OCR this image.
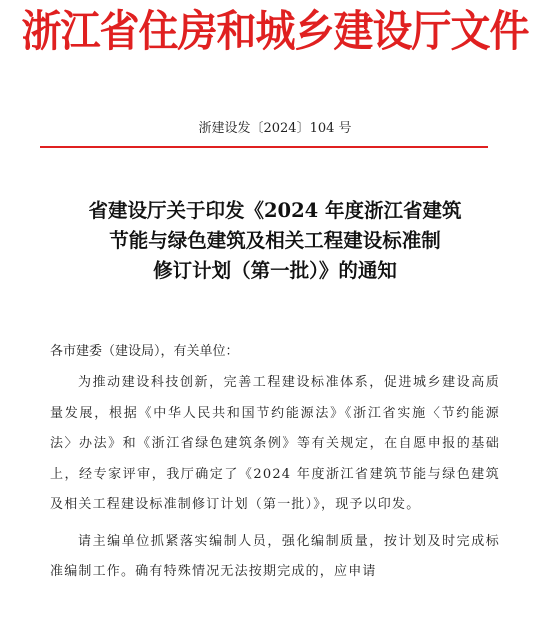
浙江省住房和城乡建设厅文件
浙建设发〔2024〕104 号
省建设厅关于印发《2024 年度浙江省建筑
节能与绿色建筑及相关工程建设标准制
修订计划（第一批）》的通知
各市建委（建设局），有关单位：

为推动建设科技创新，完善工程建设标准体系，促进城乡建设高质量发展，根据《中华人民共和国节约能源法》《浙江省实施〈节约能源法〉办法》和《浙江省绿色建筑条例》等有关规定，在自愿申报的基础上，经专家评审，我厅确定了《2024 年度浙江省建筑节能与绿色建筑及相关工程建设标准制修订计划（第一批）》，现予以印发。

请主编单位抓紧落实编制人员，强化编制质量，按计划及时完成标准编制工作。确有特殊情况无法按期完成的，应申请
